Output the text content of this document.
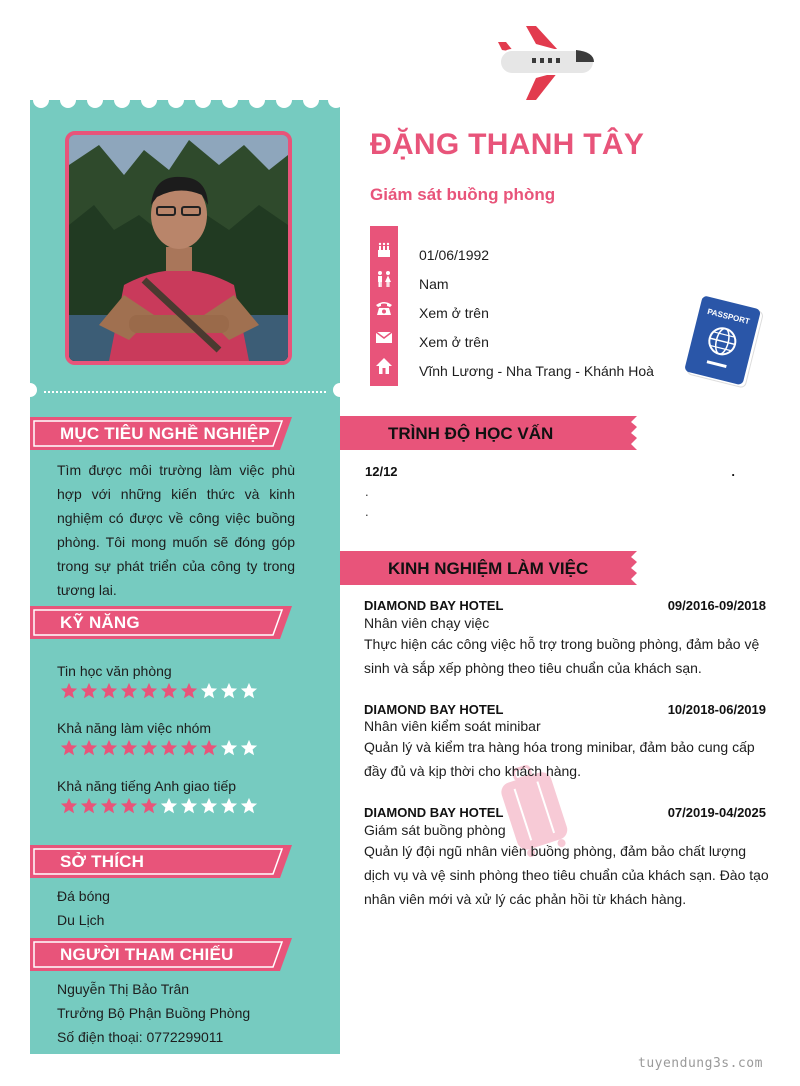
MỤC TIÊU NGHỀ NGHIỆP
Tìm được môi trường làm việc phù hợp với những kiến thức và kinh nghiệm có được về công việc buồng phòng. Tôi mong muốn sẽ đóng góp trong sự phát triển của công ty trong tương lai.
KỸ NĂNG
Tin học văn phòng
Khả năng làm việc nhóm
Khả năng tiếng Anh giao tiếp
SỞ THÍCH
Đá bóng
Du Lịch
NGƯỜI THAM CHIẾU
Nguyễn Thị Bảo Trân
Trưởng Bộ Phận Buồng Phòng
Số điện thoại: 0772299011
ĐẶNG THANH TÂY
Giám sát buồng phòng
01/06/1992
Nam
Xem ở trên
Xem ở trên
Vĩnh Lương - Nha Trang - Khánh Hoà
PASSPORT
TRÌNH ĐỘ HỌC VẤN
12/12	.
.
.
KINH NGHIỆM LÀM VIỆC
DIAMOND BAY HOTEL	09/2016-09/2018
Nhân viên chạy việc
Thực hiện các công việc hỗ trợ trong buồng phòng, đảm bảo vệ sinh và sắp xếp phòng theo tiêu chuẩn của khách sạn.
DIAMOND BAY HOTEL	10/2018-06/2019
Nhân viên kiểm soát minibar
Quản lý và kiểm tra hàng hóa trong minibar, đảm bảo cung cấp đầy đủ và kịp thời cho khách hàng.
DIAMOND BAY HOTEL	07/2019-04/2025
Giám sát buồng phòng
Quản lý đội ngũ nhân viên buồng phòng, đảm bảo chất lượng dịch vụ và vệ sinh phòng theo tiêu chuẩn của khách sạn. Đào tạo nhân viên mới và xử lý các phản hồi từ khách hàng.
tuyendung3s.com
